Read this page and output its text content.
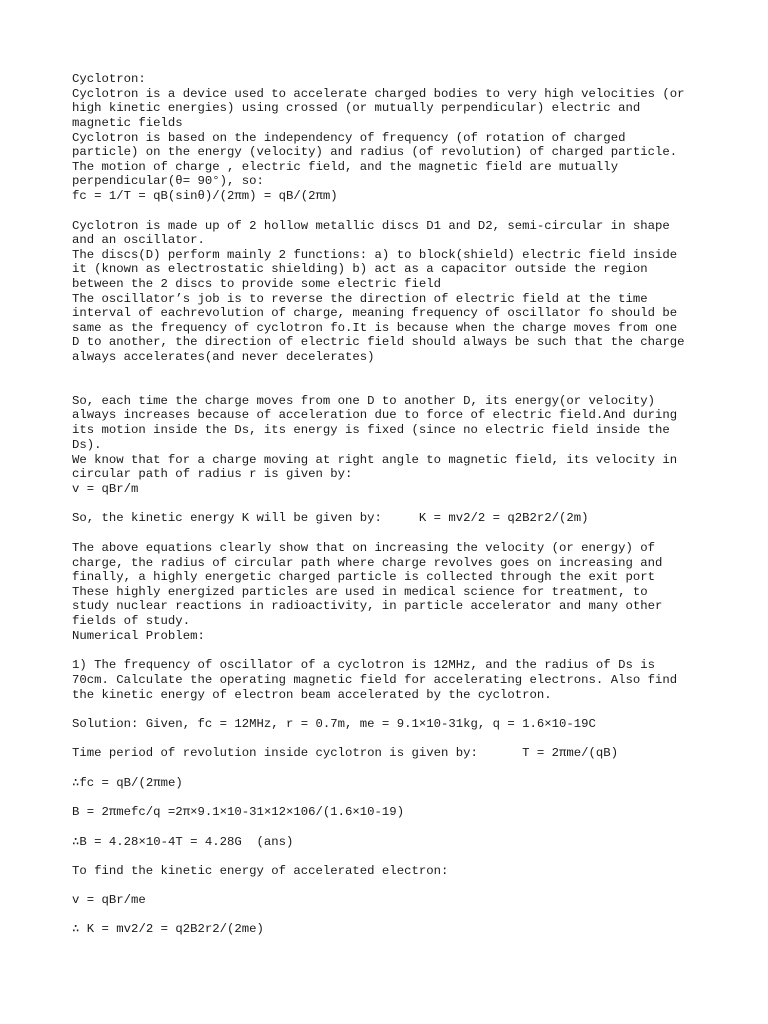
Cyclotron:

Cyclotron is a device used to accelerate charged bodies to very high velocities (or

high kinetic energies) using crossed (or mutually perpendicular) electric and

magnetic fields

Cyclotron is based on the independency of frequency (of rotation of charged

particle) on the energy (velocity) and radius (of revolution) of charged particle.

The motion of charge , electric field, and the magnetic field are mutually

perpendicular(θ= 90°), so:

fc = 1/T = qB(sinθ)/(2πm) = qB/(2πm)

Cyclotron is made up of 2 hollow metallic discs D1 and D2, semi-circular in shape

and an oscillator.

The discs(D) perform mainly 2 functions: a) to block(shield) electric field inside

it (known as electrostatic shielding) b) act as a capacitor outside the region

between the 2 discs to provide some electric field

The oscillator’s job is to reverse the direction of electric field at the time

interval of eachrevolution of charge, meaning frequency of oscillator fo should be

same as the frequency of cyclotron fo.It is because when the charge moves from one

D to another, the direction of electric field should always be such that the charge

always accelerates(and never decelerates)

So, each time the charge moves from one D to another D, its energy(or velocity)

always increases because of acceleration due to force of electric field.And during

its motion inside the Ds, its energy is fixed (since no electric field inside the

Ds).

We know that for a charge moving at right angle to magnetic field, its velocity in

circular path of radius r is given by:

v = qBr/m

So, the kinetic energy K will be given by:     K = mv2/2 = q2B2r2/(2m)

The above equations clearly show that on increasing the velocity (or energy) of

charge, the radius of circular path where charge revolves goes on increasing and

finally, a highly energetic charged particle is collected through the exit port

These highly energized particles are used in medical science for treatment, to

study nuclear reactions in radioactivity, in particle accelerator and many other

fields of study.

Numerical Problem:

1) The frequency of oscillator of a cyclotron is 12MHz, and the radius of Ds is

70cm. Calculate the operating magnetic field for accelerating electrons. Also find

the kinetic energy of electron beam accelerated by the cyclotron.

Solution: Given, fc = 12MHz, r = 0.7m, me = 9.1×10-31kg, q = 1.6×10-19C

Time period of revolution inside cyclotron is given by:      T = 2πme/(qB)

∴fc = qB/(2πme)

B = 2πmefc/q =2π×9.1×10-31×12×106/(1.6×10-19)

∴B = 4.28×10-4T = 4.28G  (ans)

To find the kinetic energy of accelerated electron:

v = qBr/me

∴ K = mv2/2 = q2B2r2/(2me)
